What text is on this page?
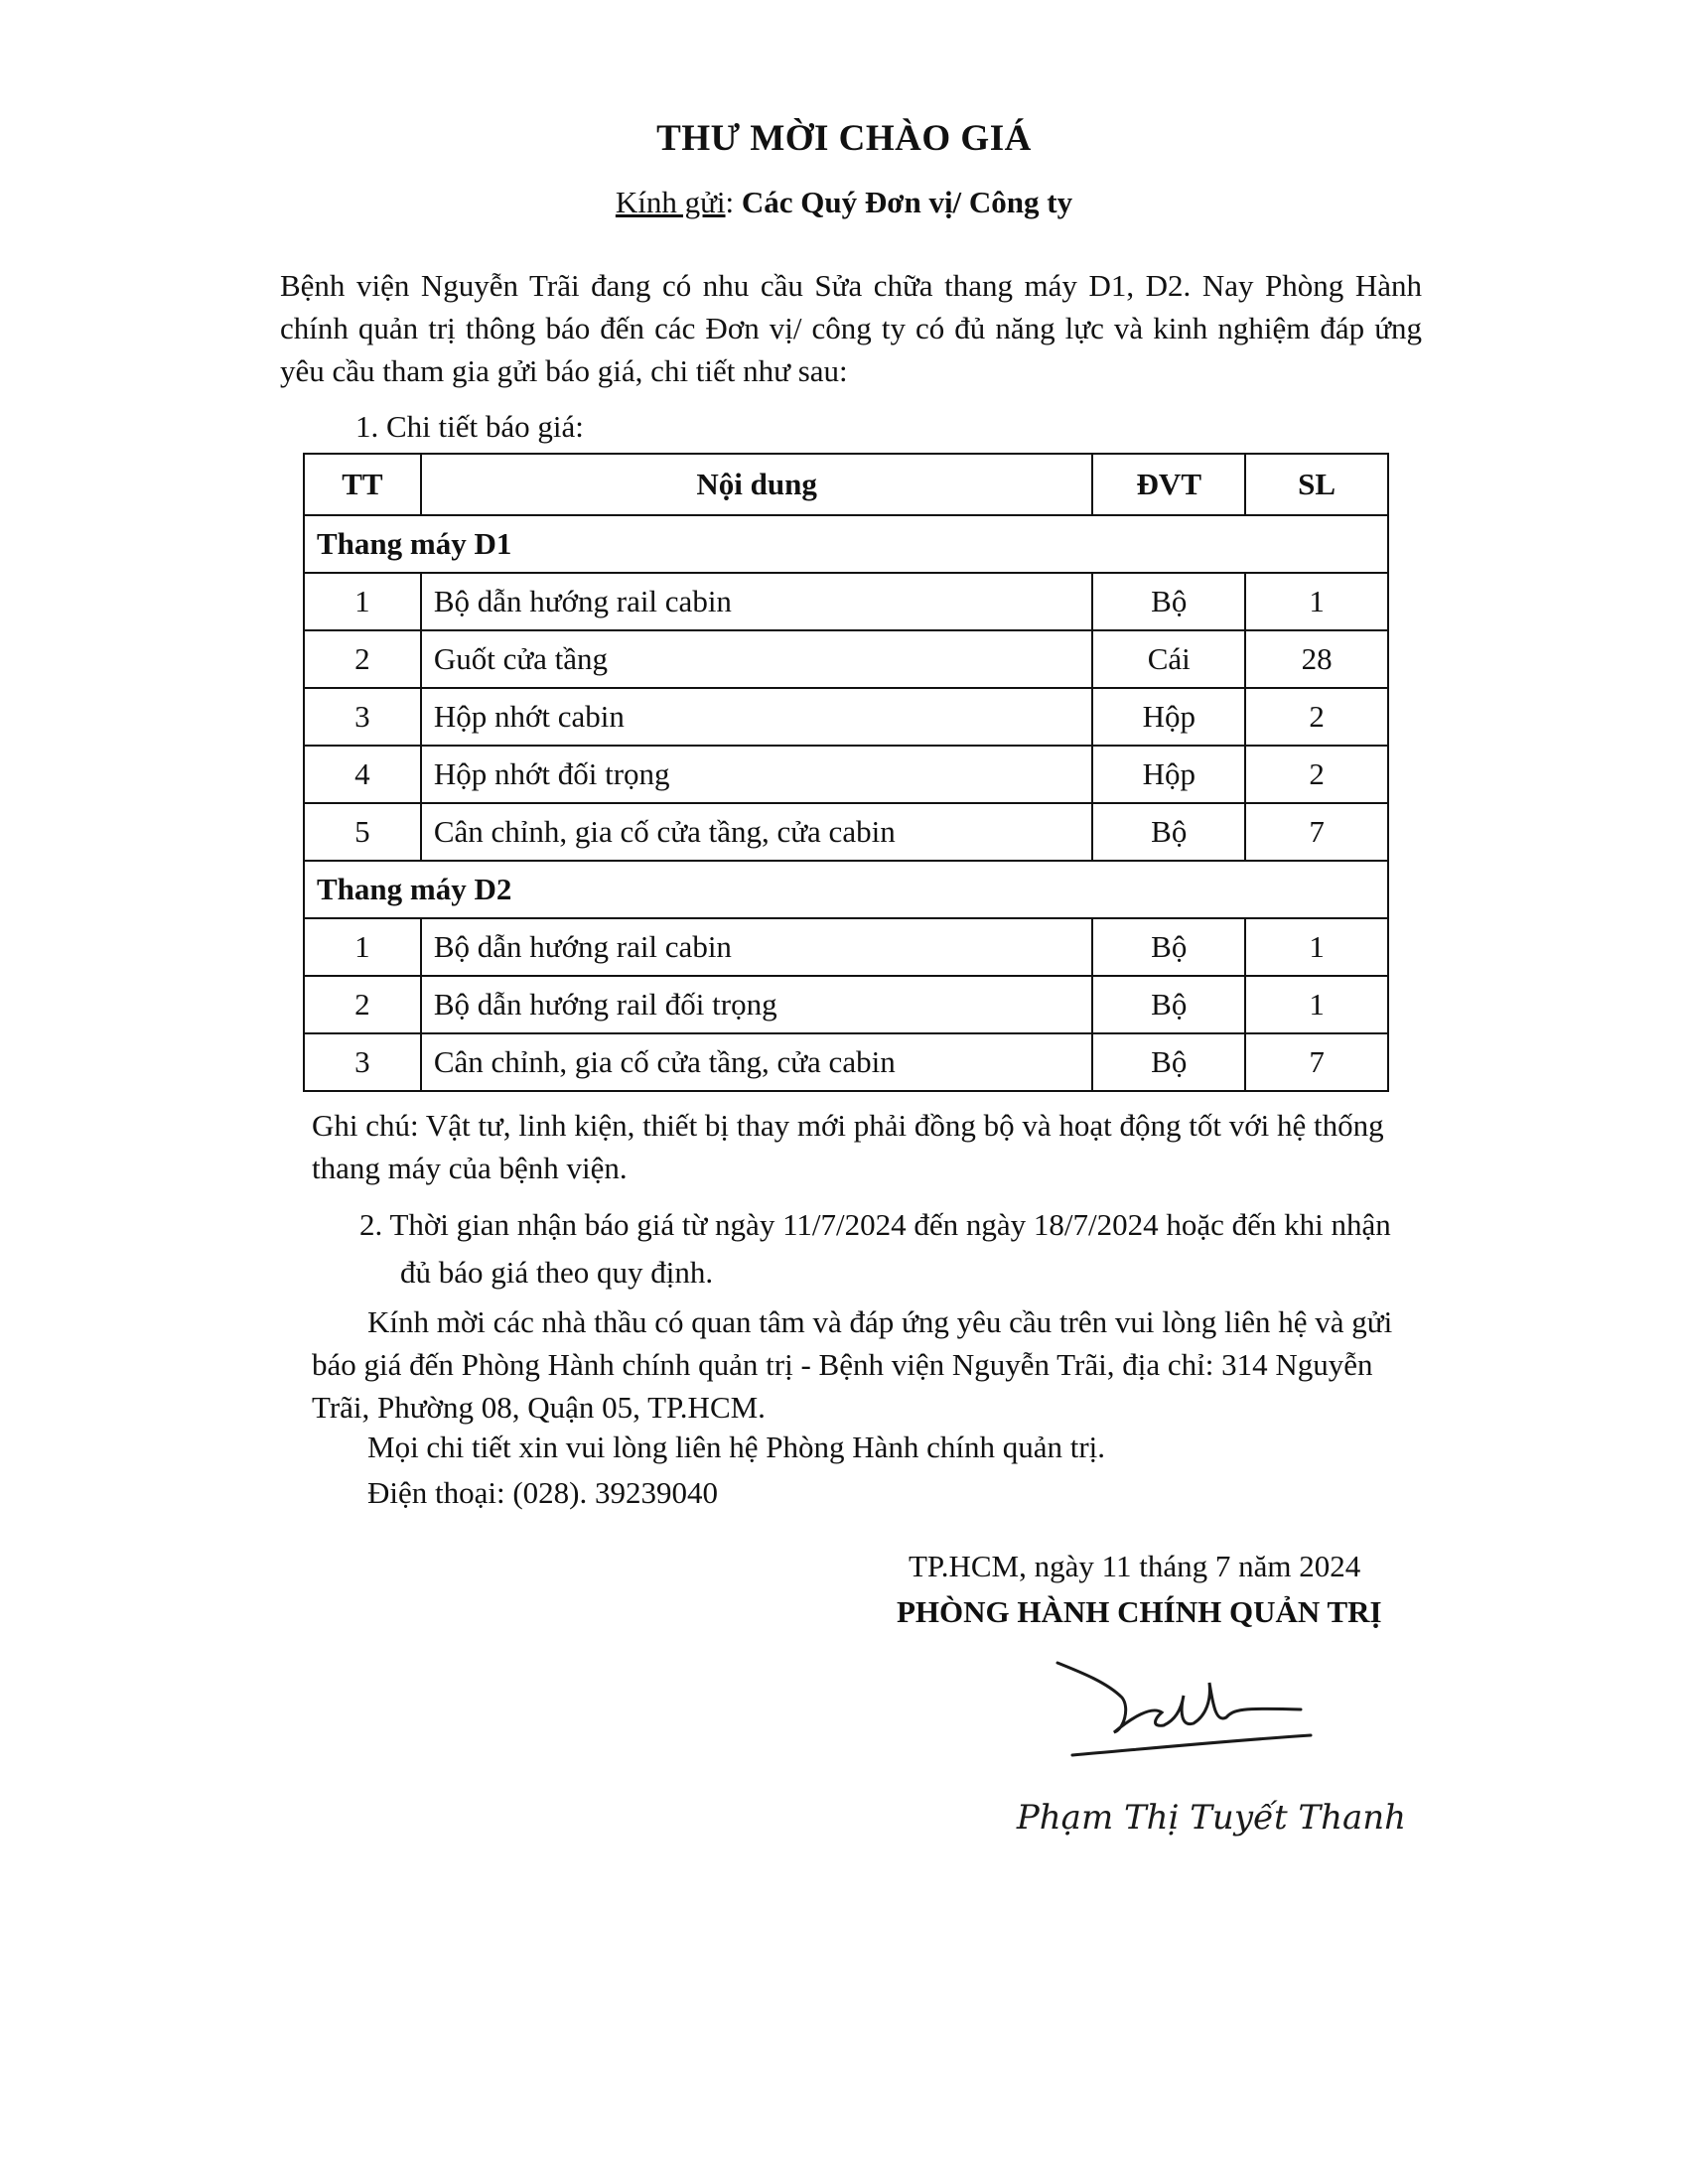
THƯ MỜI CHÀO GIÁ
Kính gửi: Các Quý Đơn vị/ Công ty
Bệnh viện Nguyễn Trãi đang có nhu cầu Sửa chữa thang máy D1, D2. Nay Phòng Hành chính quản trị thông báo đến các Đơn vị/ công ty có đủ năng lực và kinh nghiệm đáp ứng yêu cầu tham gia gửi báo giá, chi tiết như sau:
1. Chi tiết báo giá:
TT	Nội dung	ĐVT	SL
Thang máy D1			
1	Bộ dẫn hướng rail cabin	Bộ	1
2	Guốt cửa tầng	Cái	28
3	Hộp nhớt cabin	Hộp	2
4	Hộp nhớt đối trọng	Hộp	2
5	Cân chỉnh, gia cố cửa tầng, cửa cabin	Bộ	7
Thang máy D2			
1	Bộ dẫn hướng rail cabin	Bộ	1
2	Bộ dẫn hướng rail đối trọng	Bộ	1
3	Cân chỉnh, gia cố cửa tầng, cửa cabin	Bộ	7
Ghi chú: Vật tư, linh kiện, thiết bị thay mới phải đồng bộ và hoạt động tốt với hệ thống thang máy của bệnh viện.
2. Thời gian nhận báo giá từ ngày 11/7/2024 đến ngày 18/7/2024 hoặc đến khi nhận
đủ báo giá theo quy định.
Kính mời các nhà thầu có quan tâm và đáp ứng yêu cầu trên vui lòng liên hệ và gửi báo giá đến Phòng Hành chính quản trị - Bệnh viện Nguyễn Trãi, địa chỉ: 314 Nguyễn Trãi, Phường 08, Quận 05, TP.HCM.
Mọi chi tiết xin vui lòng liên hệ Phòng Hành chính quản trị.
Điện thoại: (028). 39239040
TP.HCM, ngày 11 tháng 7 năm 2024
PHÒNG HÀNH CHÍNH QUẢN TRỊ
Phạm Thị Tuyết Thanh
